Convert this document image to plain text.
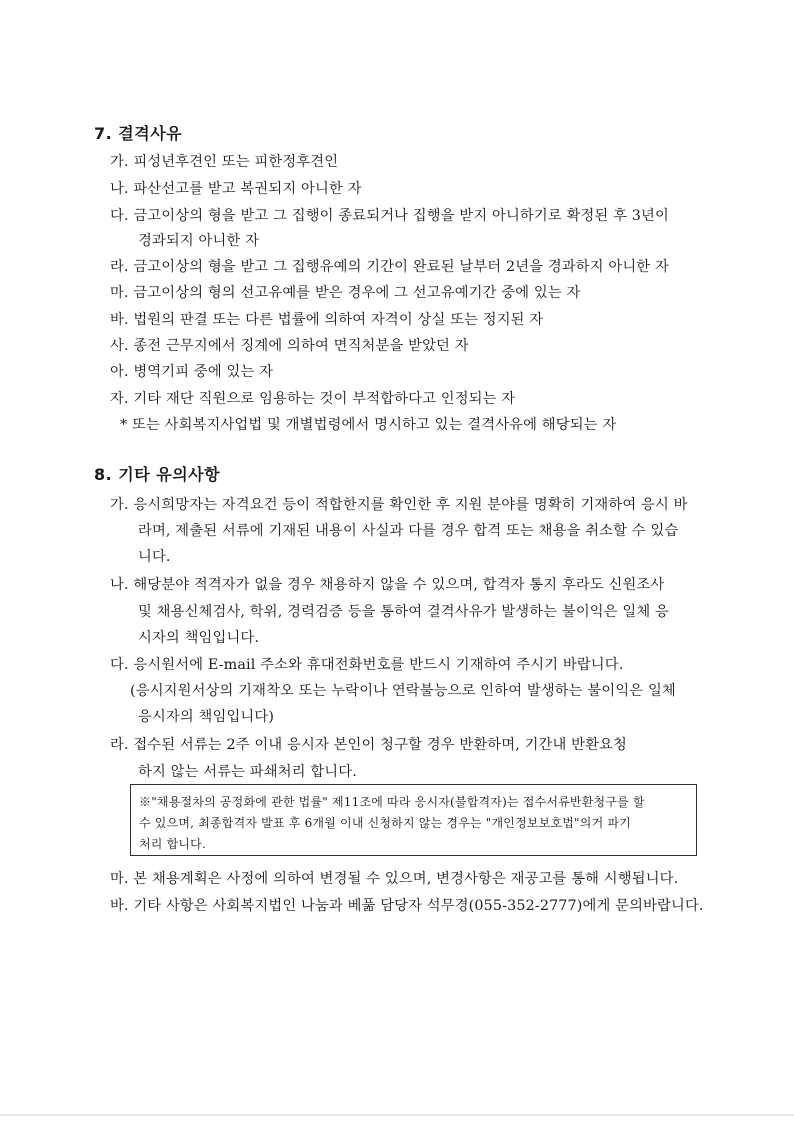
7. 결격사유
가. 피성년후견인 또는 피한정후견인
나. 파산선고를 받고 복권되지 아니한 자
다. 금고이상의 형을 받고 그 집행이 종료되거나 집행을 받지 아니하기로 확정된 후 3년이
경과되지 아니한 자
라. 금고이상의 형을 받고 그 집행유예의 기간이 완료된 날부터 2년을 경과하지 아니한 자
마. 금고이상의 형의 선고유예를 받은 경우에 그 선고유예기간 중에 있는 자
바. 법원의 판결 또는 다른 법률에 의하여 자격이 상실 또는 정지된 자
사. 종전 근무지에서 징계에 의하여 면직처분을 받았던 자
아. 병역기피 중에 있는 자
자. 기타 재단 직원으로 임용하는 것이 부적합하다고 인정되는 자
* 또는 사회복지사업법 및 개별법령에서 명시하고 있는 결격사유에 해당되는 자
8. 기타 유의사항
가. 응시희망자는 자격요건 등이 적합한지를 확인한 후 지원 분야를 명확히 기재하여 응시 바
라며, 제출된 서류에 기재된 내용이 사실과 다를 경우 합격 또는 채용을 취소할 수 있습
니다.
나. 해당분야 적격자가 없을 경우 채용하지 않을 수 있으며, 합격자 통지 후라도 신원조사
및 채용신체검사, 학위, 경력검증 등을 통하여 결격사유가 발생하는 불이익은 일체 응
시자의 책임입니다.
다. 응시원서에 E-mail 주소와 휴대전화번호를 반드시 기재하여 주시기 바랍니다.
(응시지원서상의 기재착오 또는 누락이나 연락불능으로 인하여 발생하는 불이익은 일체
응시자의 책임입니다)
라. 접수된 서류는 2주 이내 응시자 본인이 청구할 경우 반환하며, 기간내 반환요청
하지 않는 서류는 파쇄처리 합니다.
※"채용절차의 공정화에 관한 법률" 제11조에 따라 응시자(불합격자)는 접수서류반환청구를 할
수 있으며, 최종합격자 발표 후 6개월 이내 신청하지 않는 경우는 "개인정보보호법"의거 파기
처리 합니다.
마. 본 채용계획은 사정에 의하여 변경될 수 있으며, 변경사항은 재공고를 통해 시행됩니다.
바. 기타 사항은 사회복지법인 나눔과 베풂 담당자 석무경(055-352-2777)에게 문의바랍니다.
